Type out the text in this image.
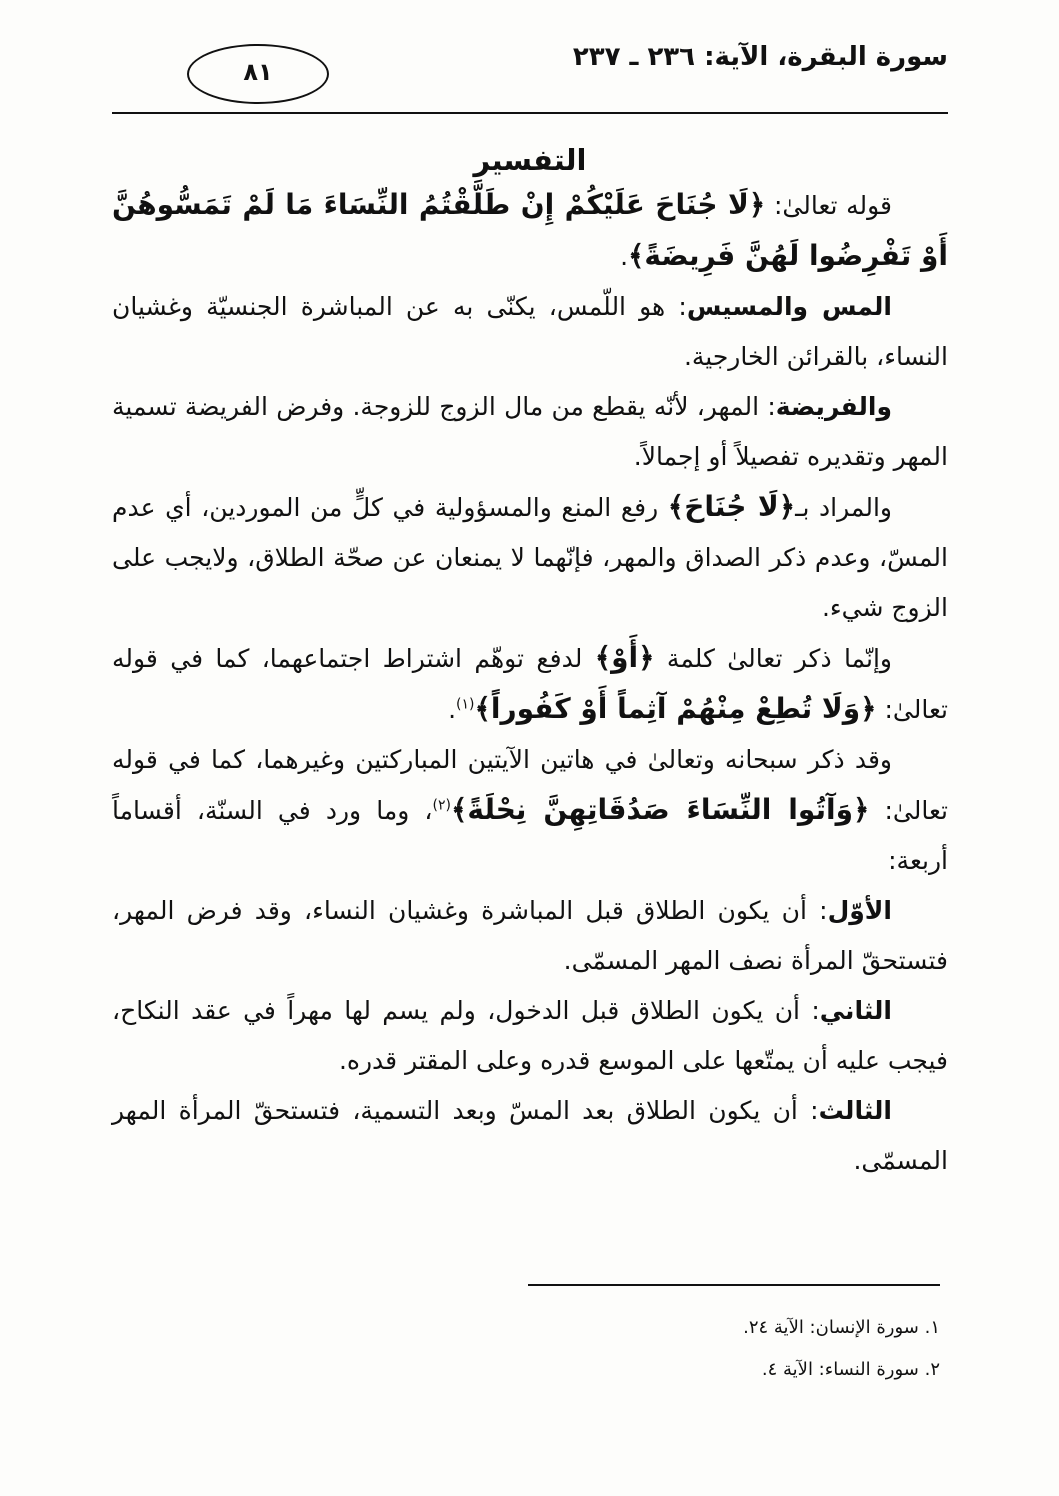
سورة البقرة، الآية: ٢٣٦ ـ ٢٣٧
٨١
التفسير

قوله تعالىٰ: ﴿لَا جُنَاحَ عَلَيْكُمْ إِنْ طَلَّقْتُمُ النِّسَاءَ مَا لَمْ تَمَسُّوهُنَّ أَوْ تَفْرِضُوا لَهُنَّ فَرِيضَةً﴾.

المس والمسيس: هو اللّمس، يكنّى به عن المباشرة الجنسيّة وغشيان النساء، بالقرائن الخارجية.

والفريضة: المهر، لأنّه يقطع من مال الزوج للزوجة. وفرض الفريضة تسمية المهر وتقديره تفصيلاً أو إجمالاً.

والمراد بـ﴿لَا جُنَاحَ﴾ رفع المنع والمسؤولية في كلٍّ من الموردين، أي عدم المسّ، وعدم ذكر الصداق والمهر، فإنّهما لا يمنعان عن صحّة الطلاق، ولايجب على الزوج شيء.

وإنّما ذكر تعالىٰ كلمة ﴿أَوْ﴾ لدفع توهّم اشتراط اجتماعهما، كما في قوله تعالىٰ: ﴿وَلَا تُطِعْ مِنْهُمْ آثِماً أَوْ كَفُوراً﴾$^{(١)}$.

وقد ذكر سبحانه وتعالىٰ في هاتين الآيتين المباركتين وغيرهما، كما في قوله تعالىٰ: ﴿وَآتُوا النِّسَاءَ صَدُقَاتِهِنَّ نِحْلَةً﴾$^{(٢)}$، وما ورد في السنّة، أقساماً أربعة:

الأوّل: أن يكون الطلاق قبل المباشرة وغشيان النساء، وقد فرض المهر، فتستحقّ المرأة نصف المهر المسمّى.

الثاني: أن يكون الطلاق قبل الدخول، ولم يسم لها مهراً في عقد النكاح، فيجب عليه أن يمتّعها على الموسع قدره وعلى المقتر قدره.

الثالث: أن يكون الطلاق بعد المسّ وبعد التسمية، فتستحقّ المرأة المهر المسمّى.

١. سورة الإنسان: الآية ٢٤.

٢. سورة النساء: الآية ٤.
